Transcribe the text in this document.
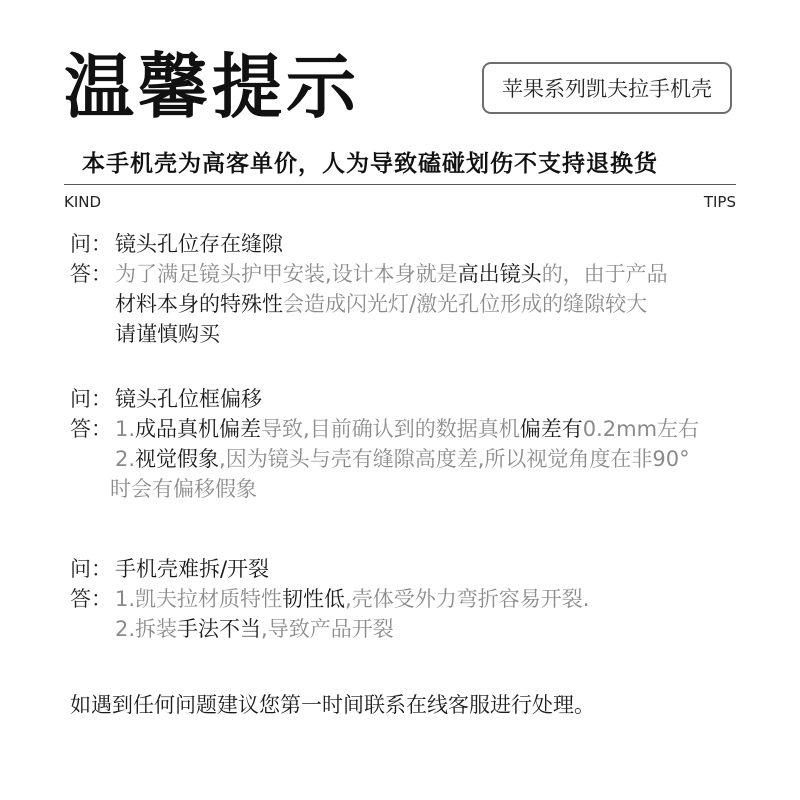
温馨提示	苹果系列凯夫拉手机壳
本手机壳为高客单价，人为导致磕碰划伤不支持退换货
KIND	TIPS
问： 镜头孔位存在缝隙
答： 为了满足镜头护甲安装,设计本身就是高出镜头的，由于产品
材料本身的特殊性会造成闪光灯/激光孔位形成的缝隙较大
请谨慎购买
问： 镜头孔位框偏移
答： 1.成品真机偏差导致,目前确认到的数据真机偏差有0.2mm左右
2.视觉假象,因为镜头与壳有缝隙高度差,所以视觉角度在非90°
时会有偏移假象
问： 手机壳难拆/开裂
答： 1.凯夫拉材质特性韧性低,壳体受外力弯折容易开裂.
2.拆装手法不当,导致产品开裂
如遇到任何问题建议您第一时间联系在线客服进行处理。
